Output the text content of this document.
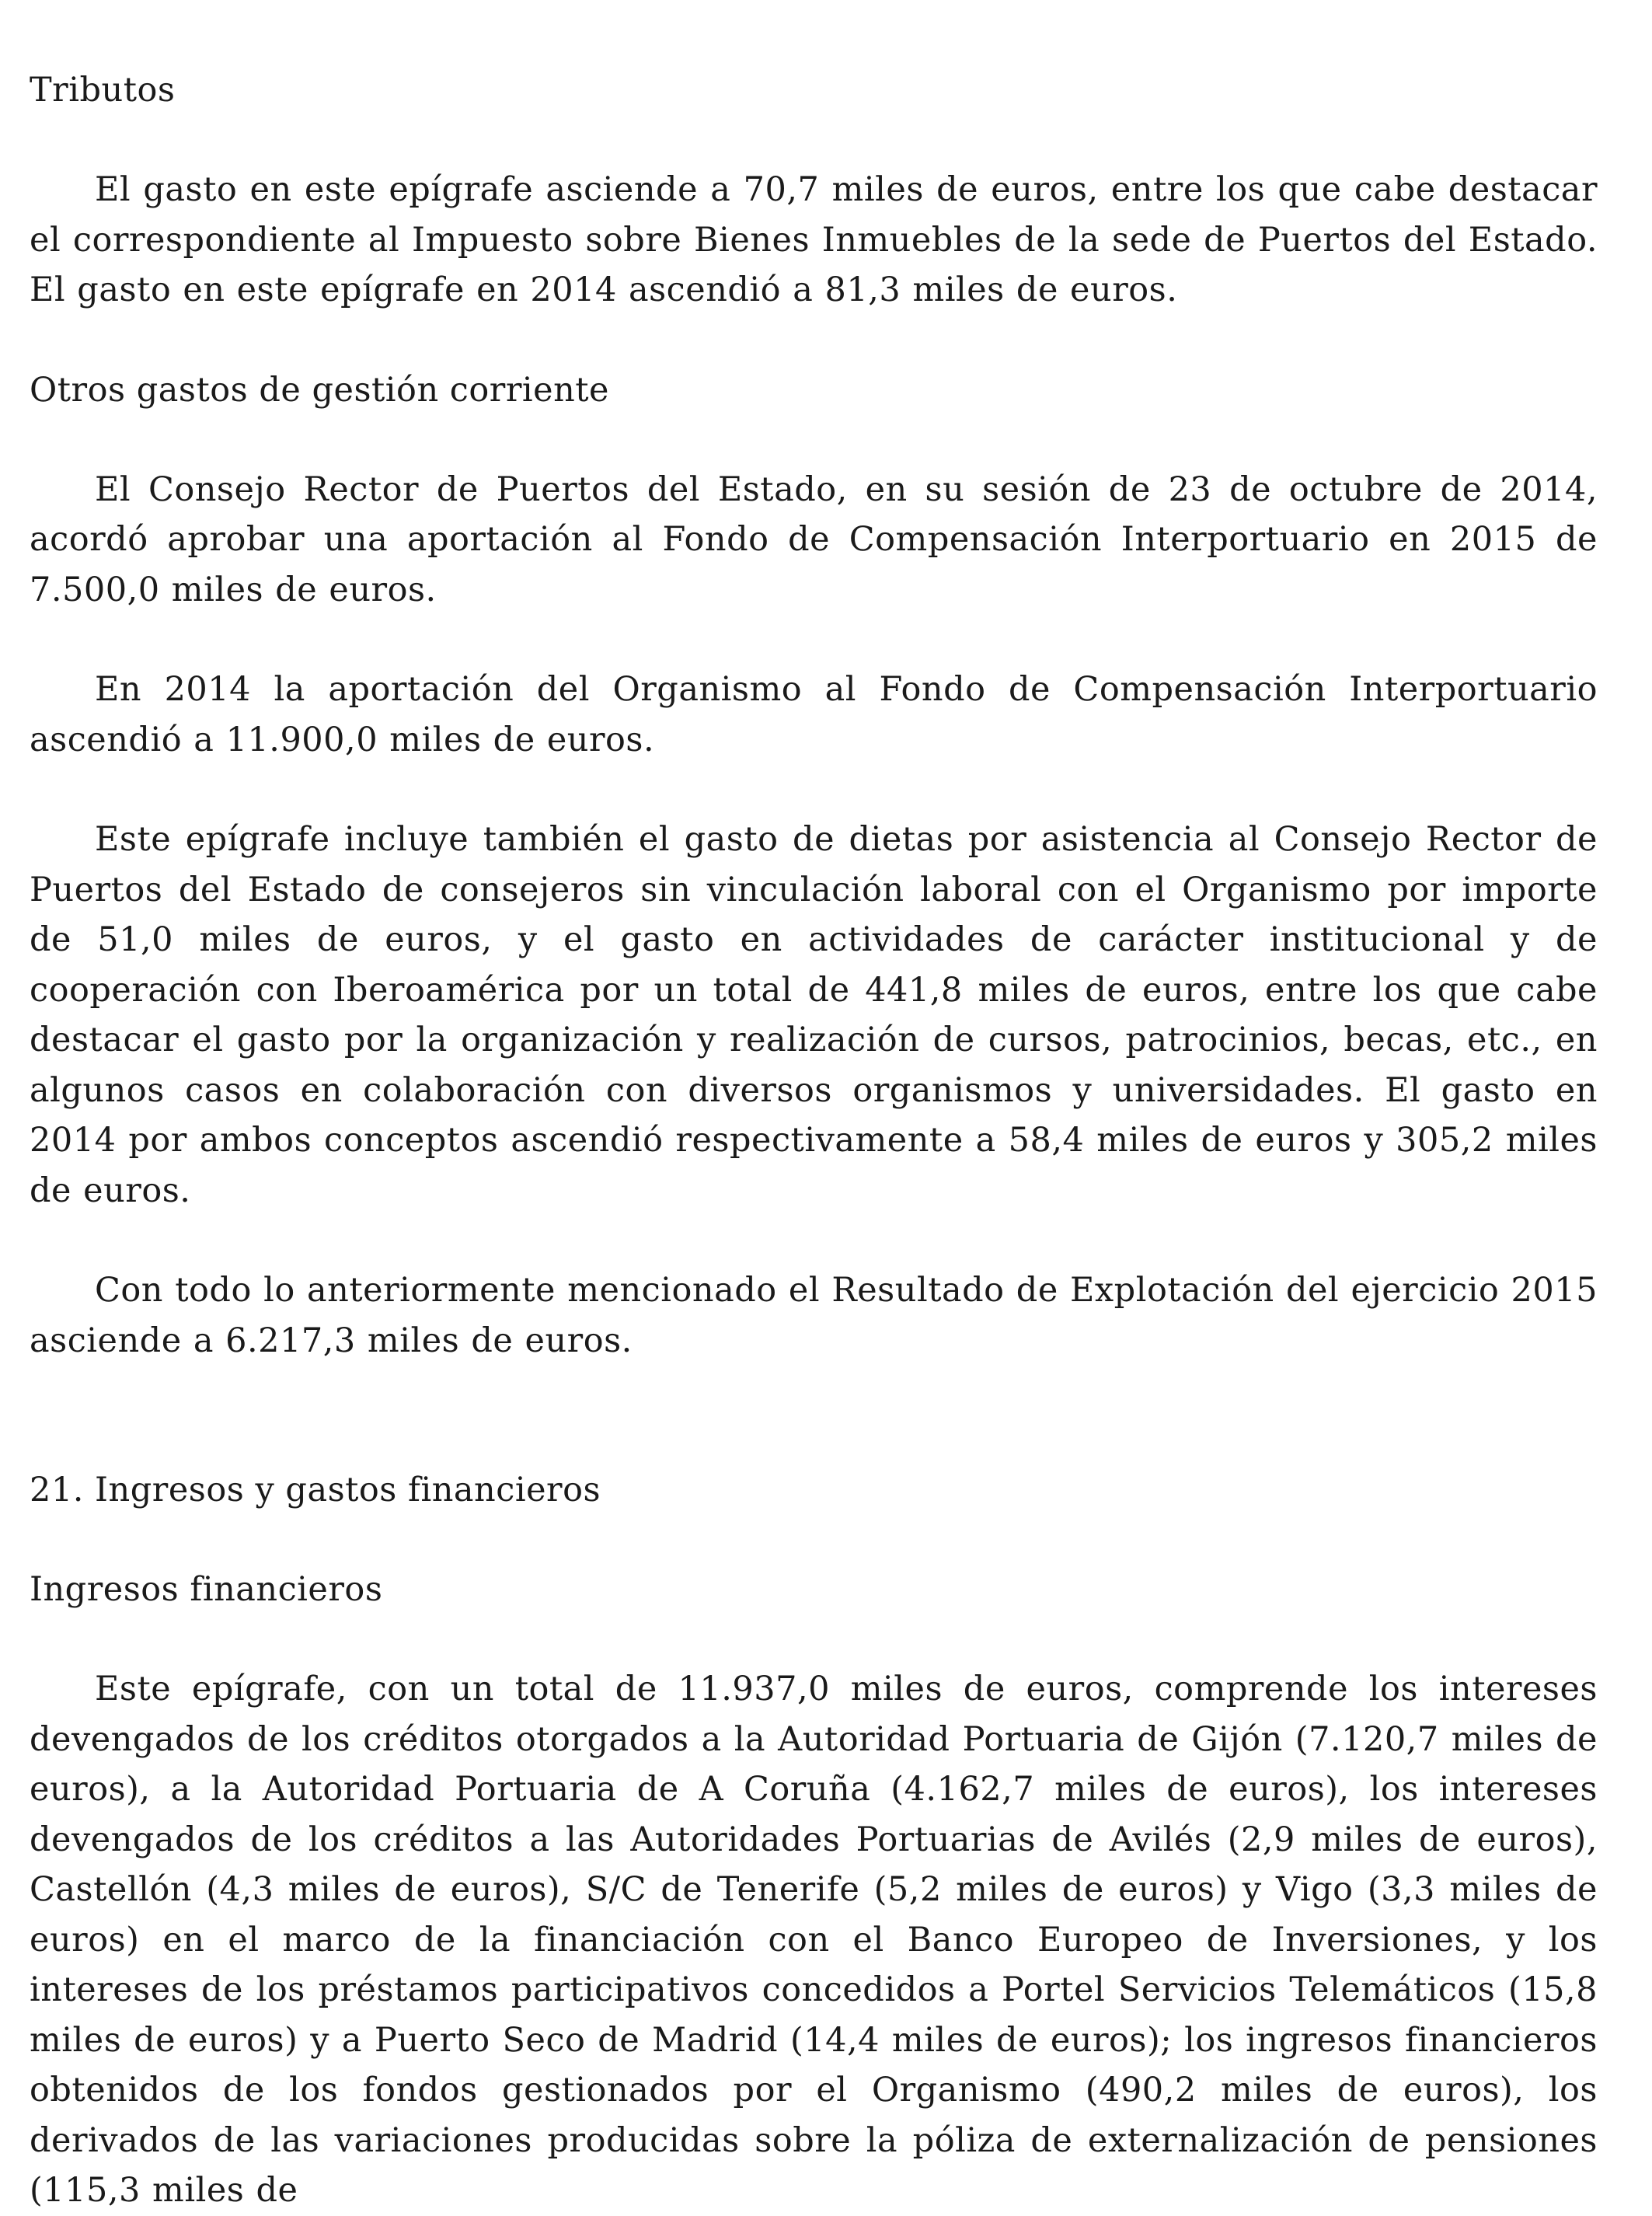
Tributos

El gasto en este epígrafe asciende a 70,7 miles de euros, entre los que cabe destacar el correspondiente al Impuesto sobre Bienes Inmuebles de la sede de Puertos del Estado. El gasto en este epígrafe en 2014 ascendió a 81,3 miles de euros.

Otros gastos de gestión corriente

El Consejo Rector de Puertos del Estado, en su sesión de 23 de octubre de 2014, acordó aprobar una aportación al Fondo de Compensación Interportuario en 2015 de 7.500,0 miles de euros.

En 2014 la aportación del Organismo al Fondo de Compensación Interportuario ascendió a 11.900,0 miles de euros.

Este epígrafe incluye también el gasto de dietas por asistencia al Consejo Rector de Puertos del Estado de consejeros sin vinculación laboral con el Organismo por importe de 51,0 miles de euros, y el gasto en actividades de carácter institucional y de cooperación con Iberoamérica por un total de 441,8 miles de euros, entre los que cabe destacar el gasto por la organización y realización de cursos, patrocinios, becas, etc., en algunos casos en colaboración con diversos organismos y universidades. El gasto en 2014 por ambos conceptos ascendió respectivamente a 58,4 miles de euros y 305,2 miles de euros.

Con todo lo anteriormente mencionado el Resultado de Explotación del ejercicio 2015 asciende a 6.217,3 miles de euros.

21. Ingresos y gastos financieros

Ingresos financieros

Este epígrafe, con un total de 11.937,0 miles de euros, comprende los intereses devengados de los créditos otorgados a la Autoridad Portuaria de Gijón (7.120,7 miles de euros), a la Autoridad Portuaria de A Coruña (4.162,7 miles de euros), los intereses devengados de los créditos a las Autoridades Portuarias de Avilés (2,9 miles de euros), Castellón (4,3 miles de euros), S/C de Tenerife (5,2 miles de euros) y Vigo (3,3 miles de euros) en el marco de la financiación con el Banco Europeo de Inversiones, y los intereses de los préstamos participativos concedidos a Portel Servicios Telemáticos (15,8 miles de euros) y a Puerto Seco de Madrid (14,4 miles de euros); los ingresos financieros obtenidos de los fondos gestionados por el Organismo (490,2 miles de euros), los derivados de las variaciones producidas sobre la póliza de externalización de pensiones (115,3 miles de
